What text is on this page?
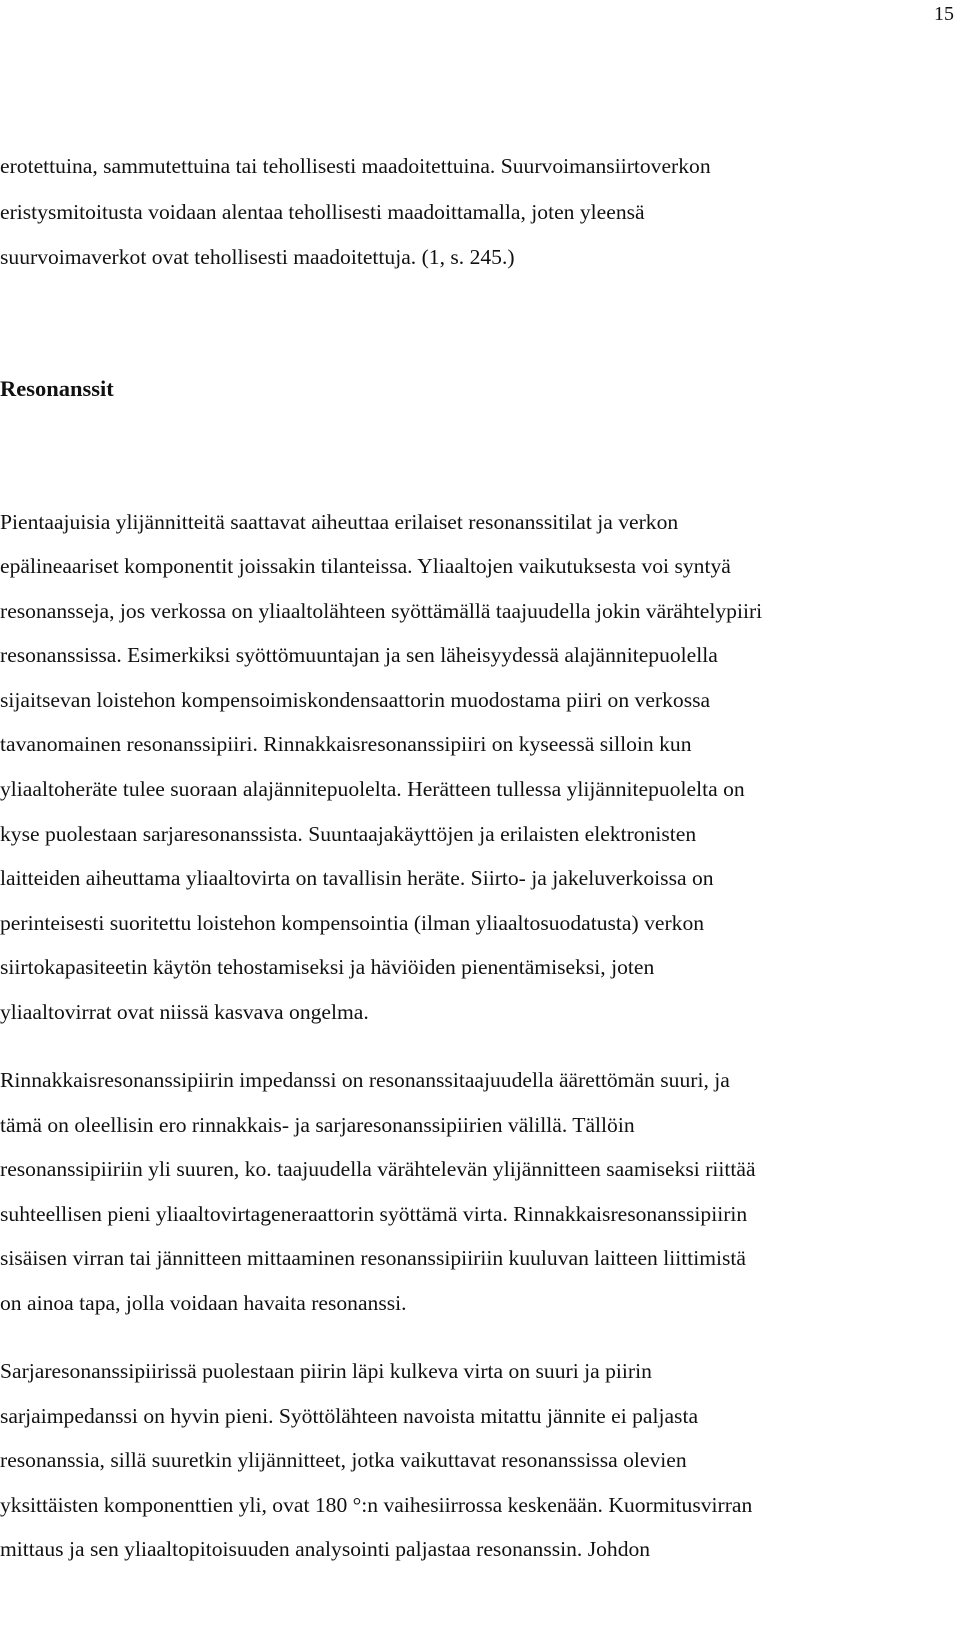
15

erotettuina, sammutettuina tai tehollisesti maadoitettuina. Suurvoimansiirtoverkon

eristysmitoitusta voidaan alentaa tehollisesti maadoittamalla, joten yleensä

suurvoimaverkot ovat tehollisesti maadoitettuja. (1, s. 245.)

Resonanssit

Pientaajuisia ylijännitteitä saattavat aiheuttaa erilaiset resonanssitilat ja verkon

epälineaariset komponentit joissakin tilanteissa. Yliaaltojen vaikutuksesta voi syntyä

resonansseja, jos verkossa on yliaaltolähteen syöttämällä taajuudella jokin värähtelypiiri

resonanssissa. Esimerkiksi syöttömuuntajan ja sen läheisyydessä alajännitepuolella

sijaitsevan loistehon kompensoimiskondensaattorin muodostama piiri on verkossa

tavanomainen resonanssipiiri. Rinnakkaisresonanssipiiri on kyseessä silloin kun

yliaaltoheräte tulee suoraan alajännitepuolelta. Herätteen tullessa ylijännitepuolelta on

kyse puolestaan sarjaresonanssista. Suuntaajakäyttöjen ja erilaisten elektronisten

laitteiden aiheuttama yliaaltovirta on tavallisin heräte. Siirto- ja jakeluverkoissa on

perinteisesti suoritettu loistehon kompensointia (ilman yliaaltosuodatusta) verkon

siirtokapasiteetin käytön tehostamiseksi ja häviöiden pienentämiseksi, joten

yliaaltovirrat ovat niissä kasvava ongelma.

Rinnakkaisresonanssipiirin impedanssi on resonanssitaajuudella äärettömän suuri, ja

tämä on oleellisin ero rinnakkais- ja sarjaresonanssipiirien välillä. Tällöin

resonanssipiiriin yli suuren, ko. taajuudella värähtelevän ylijännitteen saamiseksi riittää

suhteellisen pieni yliaaltovirtageneraattorin syöttämä virta. Rinnakkaisresonanssipiirin

sisäisen virran tai jännitteen mittaaminen resonanssipiiriin kuuluvan laitteen liittimistä

on ainoa tapa, jolla voidaan havaita resonanssi.

Sarjaresonanssipiirissä puolestaan piirin läpi kulkeva virta on suuri ja piirin

sarjaimpedanssi on hyvin pieni. Syöttölähteen navoista mitattu jännite ei paljasta

resonanssia, sillä suuretkin ylijännitteet, jotka vaikuttavat resonanssissa olevien

yksittäisten komponenttien yli, ovat 180 °:n vaihesiirrossa keskenään. Kuormitusvirran

mittaus ja sen yliaaltopitoisuuden analysointi paljastaa resonanssin. Johdon
